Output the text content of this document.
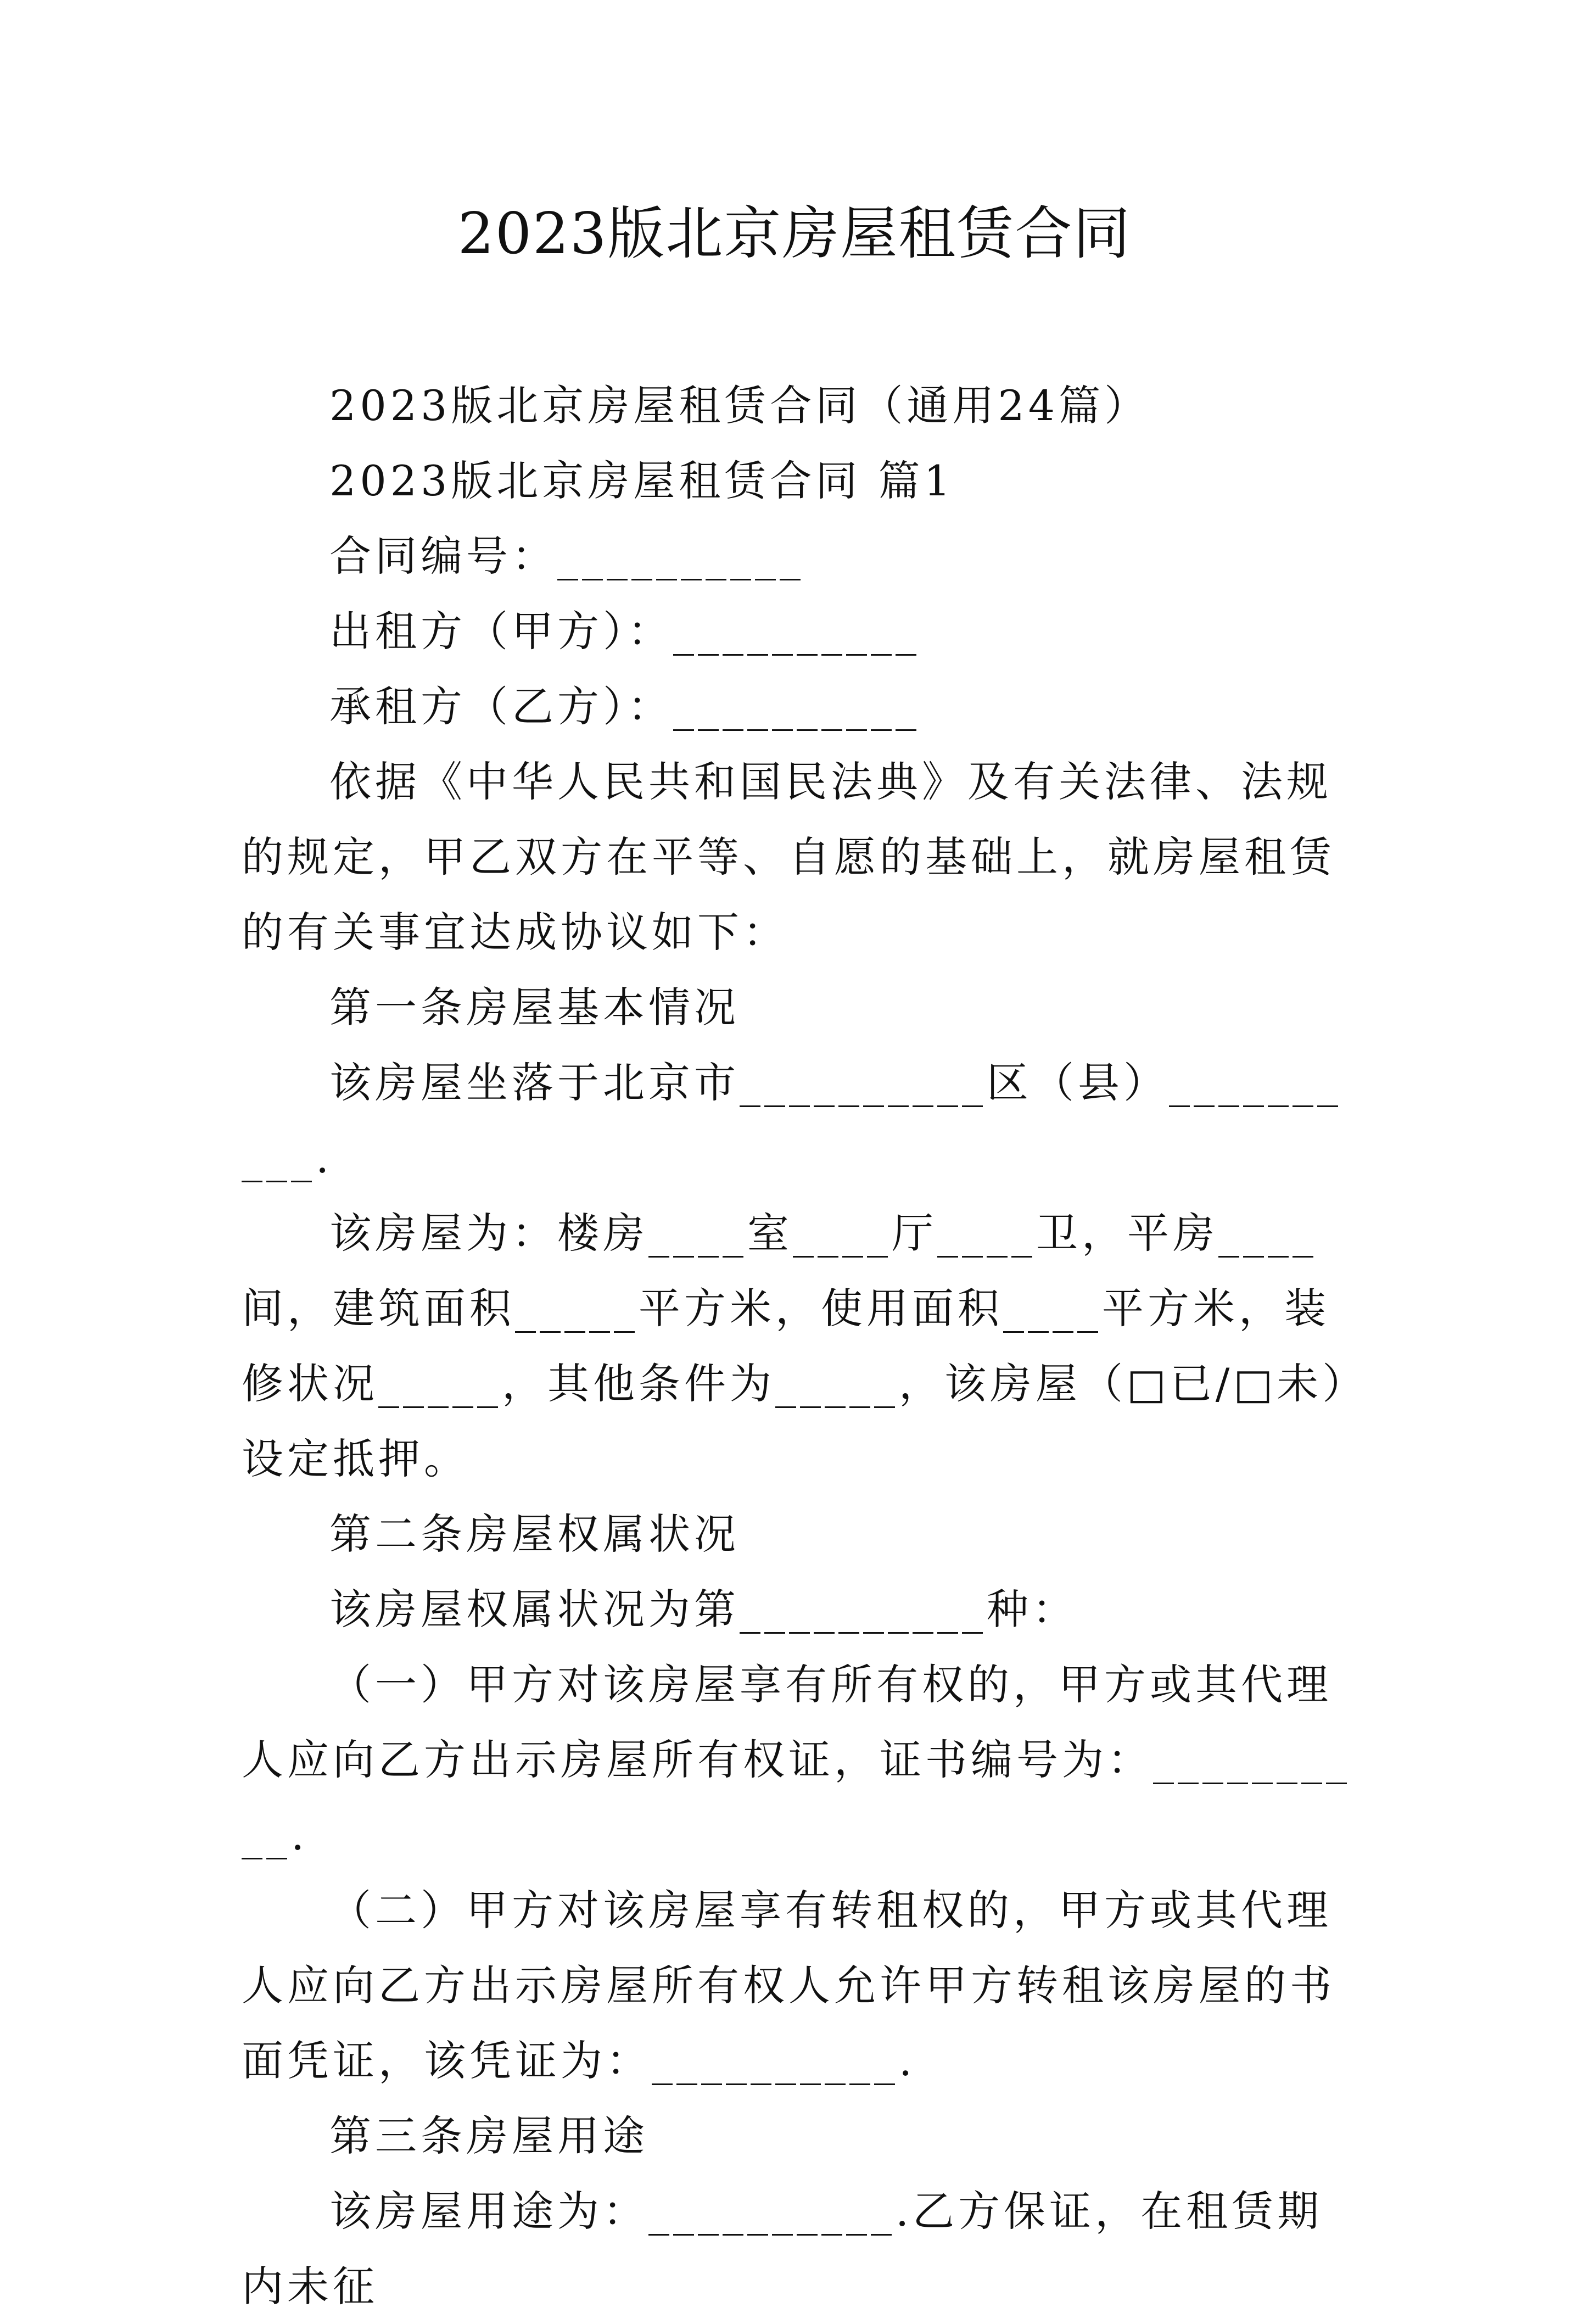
2023版北京房屋租赁合同

2023版北京房屋租赁合同（通用24篇）

2023版北京房屋租赁合同 篇1

合同编号：__________

出租方（甲方）：__________

承租方（乙方）：__________

依据《中华人民共和国民法典》及有关法律、法规的规定，甲乙双方在平等、自愿的基础上，就房屋租赁的有关事宜达成协议如下：

第一条房屋基本情况

该房屋坐落于北京市__________区（县）__________.

该房屋为：楼房____室____厅____卫，平房____间，建筑面积_____平方米，使用面积____平方米，装修状况_____，其他条件为_____，该房屋（□已/□未）设定抵押。

第二条房屋权属状况

该房屋权属状况为第__________种：

（一）甲方对该房屋享有所有权的，甲方或其代理人应向乙方出示房屋所有权证，证书编号为：__________.

（二）甲方对该房屋享有转租权的，甲方或其代理人应向乙方出示房屋所有权人允许甲方转租该房屋的书面凭证，该凭证为：__________.

第三条房屋用途

该房屋用途为：__________.乙方保证，在租赁期内未征
